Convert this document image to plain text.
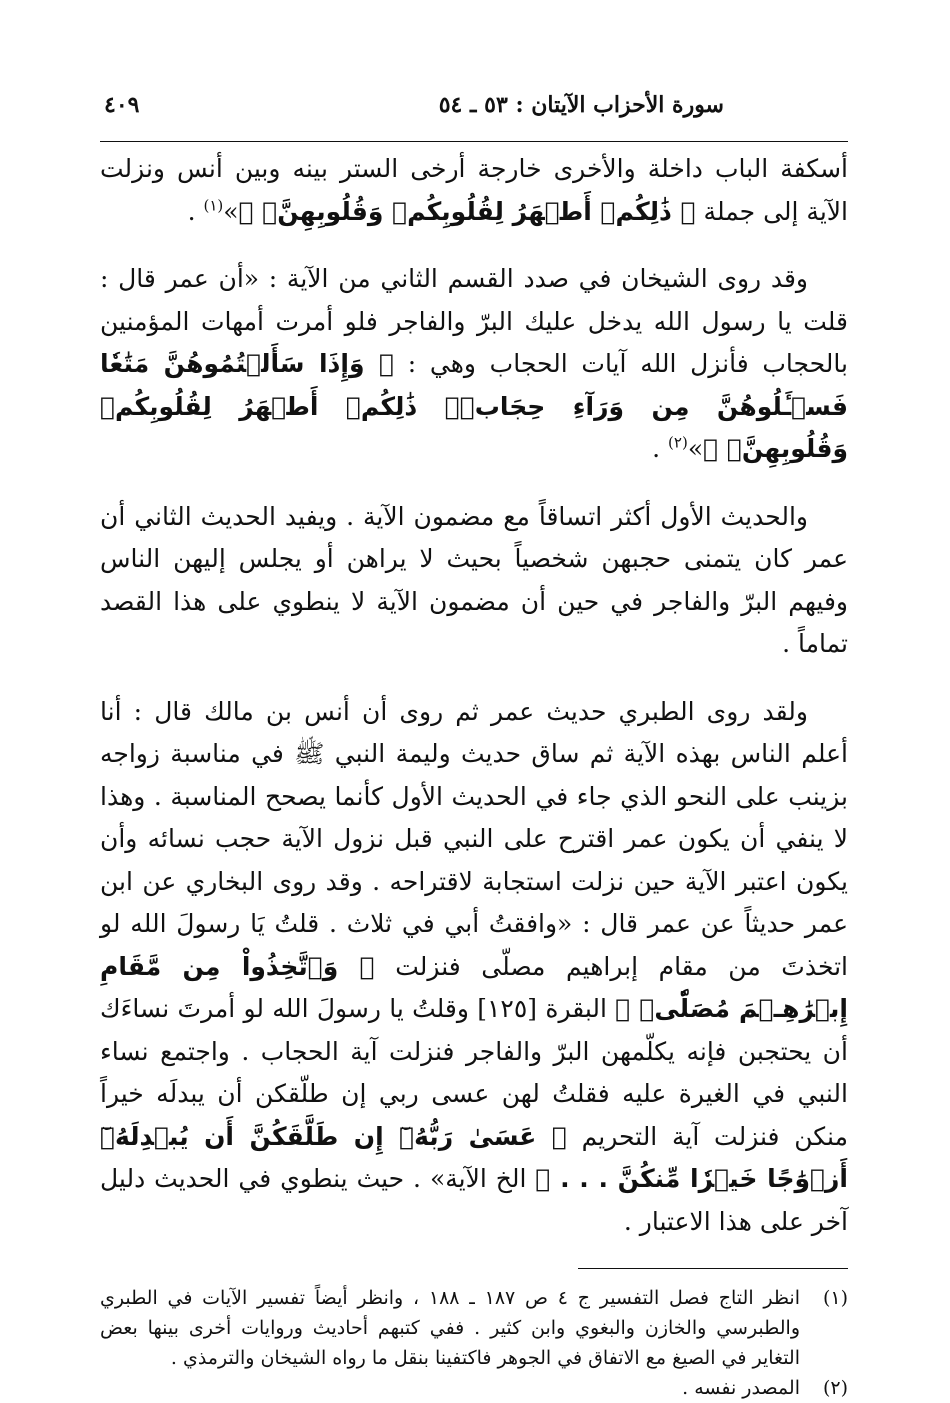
سورة الأحزاب الآيتان : ٥٣ ـ ٥٤
٤٠٩

أسكفة الباب داخلة والأخرى خارجة أرخى الستر بينه وبين أنس ونزلت الآية إلى جملة ﴿ ذَٰلِكُمۡ أَطۡهَرُ لِقُلُوبِكُمۡ وَقُلُوبِهِنَّۚ ﴾»$^{(١)}$ .

وقد روى الشيخان في صدد القسم الثاني من الآية : «أن عمر قال : قلت يا رسول الله يدخل عليك البرّ والفاجر فلو أمرت أمهات المؤمنين بالحجاب فأنزل الله آيات الحجاب وهي : ﴿ وَإِذَا سَأَلۡتُمُوهُنَّ مَتَٰعٗا فَسۡـَٔلُوهُنَّ مِن وَرَآءِ حِجَابٖۚ ذَٰلِكُمۡ أَطۡهَرُ لِقُلُوبِكُمۡ وَقُلُوبِهِنَّۚ ﴾»$^{(٢)}$ .

والحديث الأول أكثر اتساقاً مع مضمون الآية . ويفيد الحديث الثاني أن عمر كان يتمنى حجبهن شخصياً بحيث لا يراهن أو يجلس إليهن الناس وفيهم البرّ والفاجر في حين أن مضمون الآية لا ينطوي على هذا القصد تماماً .

ولقد روى الطبري حديث عمر ثم روى أن أنس بن مالك قال : أنا أعلم الناس بهذه الآية ثم ساق حديث وليمة النبي ﷺ في مناسبة زواجه بزينب على النحو الذي جاء في الحديث الأول كأنما يصحح المناسبة . وهذا لا ينفي أن يكون عمر اقترح على النبي قبل نزول الآية حجب نسائه وأن يكون اعتبر الآية حين نزلت استجابة لاقتراحه . وقد روى البخاري عن ابن عمر حديثاً عن عمر قال : «وافقتُ أبي في ثلاث . قلتُ يَا رسولَ الله لو اتخذتَ من مقام إبراهيم مصلّى فنزلت ﴿ وَٱتَّخِذُواْ مِن مَّقَامِ إِبۡرَٰهِـۧمَ مُصَلّٗىۖ ﴾ البقرة [١٢٥] وقلتُ يا رسولَ الله لو أمرتَ نساءَك أن يحتجبن فإنه يكلّمهن البرّ والفاجر فنزلت آية الحجاب . واجتمع نساء النبي في الغيرة عليه فقلتُ لهن عسى ربي إن طلّقكن أن يبدلَه خيراً منكن فنزلت آية التحريم ﴿ عَسَىٰ رَبُّهُۥٓ إِن طَلَّقَكُنَّ أَن يُبۡدِلَهُۥٓ أَزۡوَٰجًا خَيۡرٗا مِّنكُنَّ . . . ﴾ الخ الآية» . حيث ينطوي في الحديث دليل آخر على هذا الاعتبار .

(١)
انظر التاج فصل التفسير ج ٤ ص ١٨٧ ـ ١٨٨ ، وانظر أيضاً تفسير الآيات في الطبري والطبرسي والخازن والبغوي وابن كثير . ففي كتبهم أحاديث وروايات أخرى بينها بعض التغاير في الصيغ مع الاتفاق في الجوهر فاكتفينا بنقل ما رواه الشيخان والترمذي .

(٢)
المصدر نفسه .
